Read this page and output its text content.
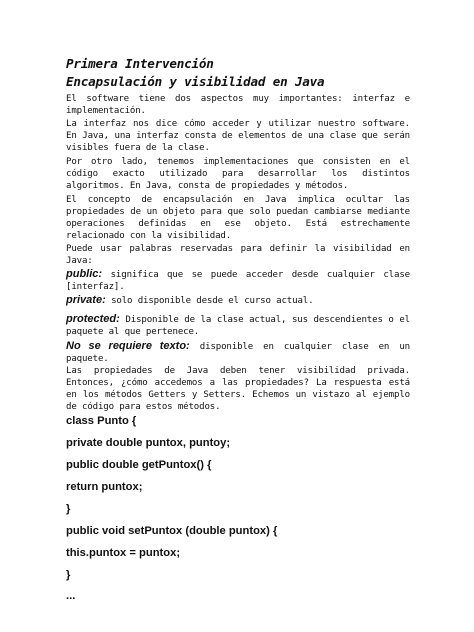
Primera Intervención
Encapsulación y visibilidad en Java
El software tiene dos aspectos muy importantes: interfaz e implementación.
La interfaz nos dice cómo acceder y utilizar nuestro software. En Java, una interfaz consta de elementos de una clase que serán visibles fuera de la clase.
Por otro lado, tenemos implementaciones que consisten en el código exacto utilizado para desarrollar los distintos algoritmos. En Java, consta de propiedades y métodos.
El concepto de encapsulación en Java implica ocultar las propiedades de un objeto para que solo puedan cambiarse mediante operaciones definidas en ese objeto. Está estrechamente relacionado con la visibilidad.
Puede usar palabras reservadas para definir la visibilidad en Java:
public: significa que se puede acceder desde cualquier clase [interfaz].
private: solo disponible desde el curso actual.
protected: Disponible de la clase actual, sus descendientes o el paquete al que pertenece.
No se requiere texto: disponible en cualquier clase en un paquete.
Las propiedades de Java deben tener visibilidad privada. Entonces, ¿cómo accedemos a las propiedades? La respuesta está en los métodos Getters y Setters. Echemos un vistazo al ejemplo de código para estos métodos.
class Punto {
private double puntox, puntoy;
public double getPuntox() {
return puntox;
}
public void setPuntox (double puntox) {
this.puntox = puntox;
}
...
